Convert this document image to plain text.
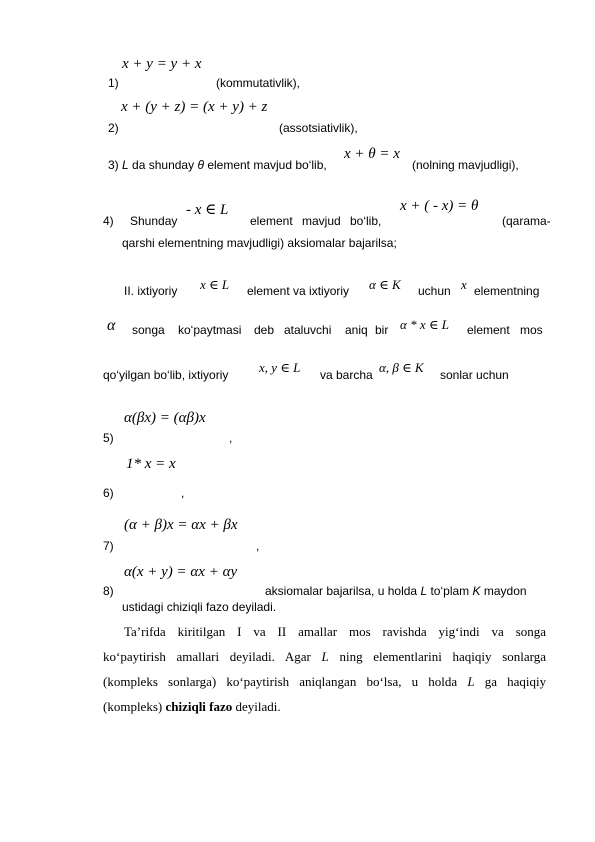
x + y = y + x
1)	(kommutativlik),
x + (y + z) = (x + y) + z
2)	(assotsiativlik),
3) L da shunday θ element mavjud bo‘lib,
x + θ = x
(nolning mavjudligi),
4) Shunday
- x ∈ L
element mavjud bo‘lib,
x + ( - x) = θ
(qarama-
qarshi elementning mavjudligi) aksiomalar bajarilsa;
II. ixtiyoriy x ∈ L element va ixtiyoriy α ∈ K uchun x elementning
α songa ko‘paytmasi deb ataluvchi aniq bir α * x ∈ L element mos
qo‘yilgan bo‘lib, ixtiyoriy x, y ∈ L va barcha α, β ∈ K sonlar uchun
α(βx) = (αβ)x
5)	,
1* x = x
6)	,
(α + β)x = αx + βx
7)	,
α(x + y) = αx + αy
8)	aksiomalar bajarilsa, u holda L to‘plam K maydon
ustidagi chiziqli fazo deyiladi.
Ta’rifda kiritilgan I va II amallar mos ravishda yig‘indi va songa
ko‘paytirish amallari deyiladi. Agar L ning elementlarini haqiqiy sonlarga
(kompleks sonlarga) ko‘paytirish aniqlangan bo‘lsa, u holda L ga haqiqiy
(kompleks) chiziqli fazo deyiladi.
